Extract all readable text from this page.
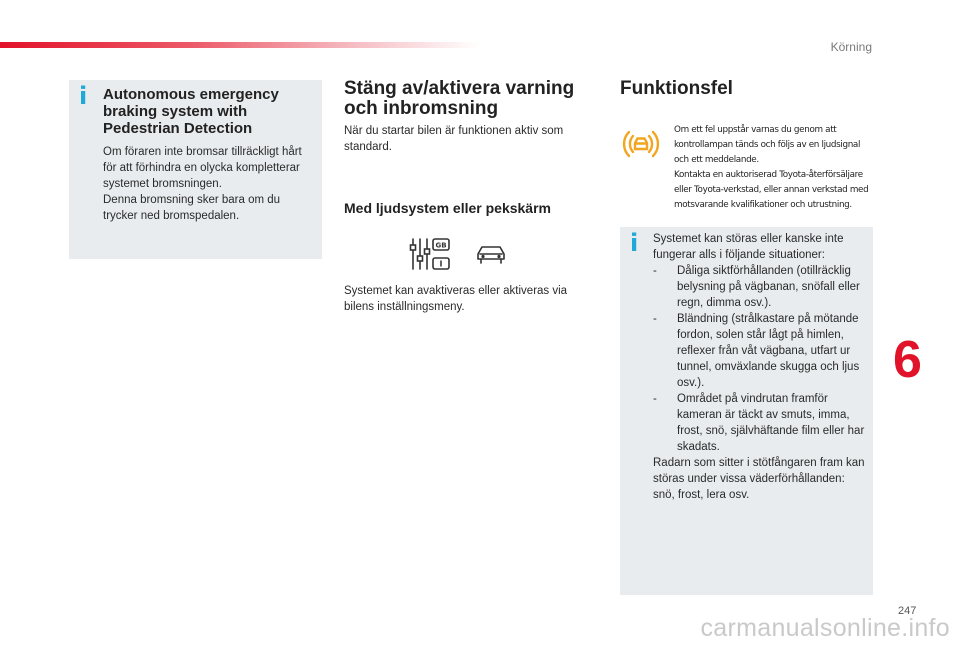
Körning
i Autonomous emergency braking system with Pedestrian Detection

Om föraren inte bromsar tillräckligt hårt för att förhindra en olycka kompletterar systemet bromsningen.

Denna bromsning sker bara om du trycker ned bromspedalen.

Stäng av/aktivera varning och inbromsning
När du startar bilen är funktionen aktiv som standard.
Med ljudsystem eller pekskärm
GB
I
Systemet kan avaktiveras eller aktiveras via bilens inställningsmeny.
Funktionsfel

Om ett fel uppstår varnas du genom att

kontrollampan tänds och följs av en ljudsignal

och ett meddelande.

Kontakta en auktoriserad Toyota-återförsäljare

eller Toyota-verkstad, eller annan verkstad med

motsvarande kvalifikationer och utrustning.

i Systemet kan störas eller kanske inte fungerar alls i följande situationer:

- Dåliga siktförhållanden (otillräcklig belysning på vägbanan, snöfall eller regn, dimma osv.).
- Bländning (strålkastare på mötande fordon, solen står lågt på himlen, reflexer från våt vägbana, utfart ur tunnel, omväxlande skugga och ljus osv.).
- Området på vindrutan framför kameran är täckt av smuts, imma, frost, snö, självhäftande film eller har skadats.

Radarn som sitter i stötfångaren fram kan störas under vissa väderförhållanden: snö, frost, lera osv.

6
247
carmanualsonline.info
